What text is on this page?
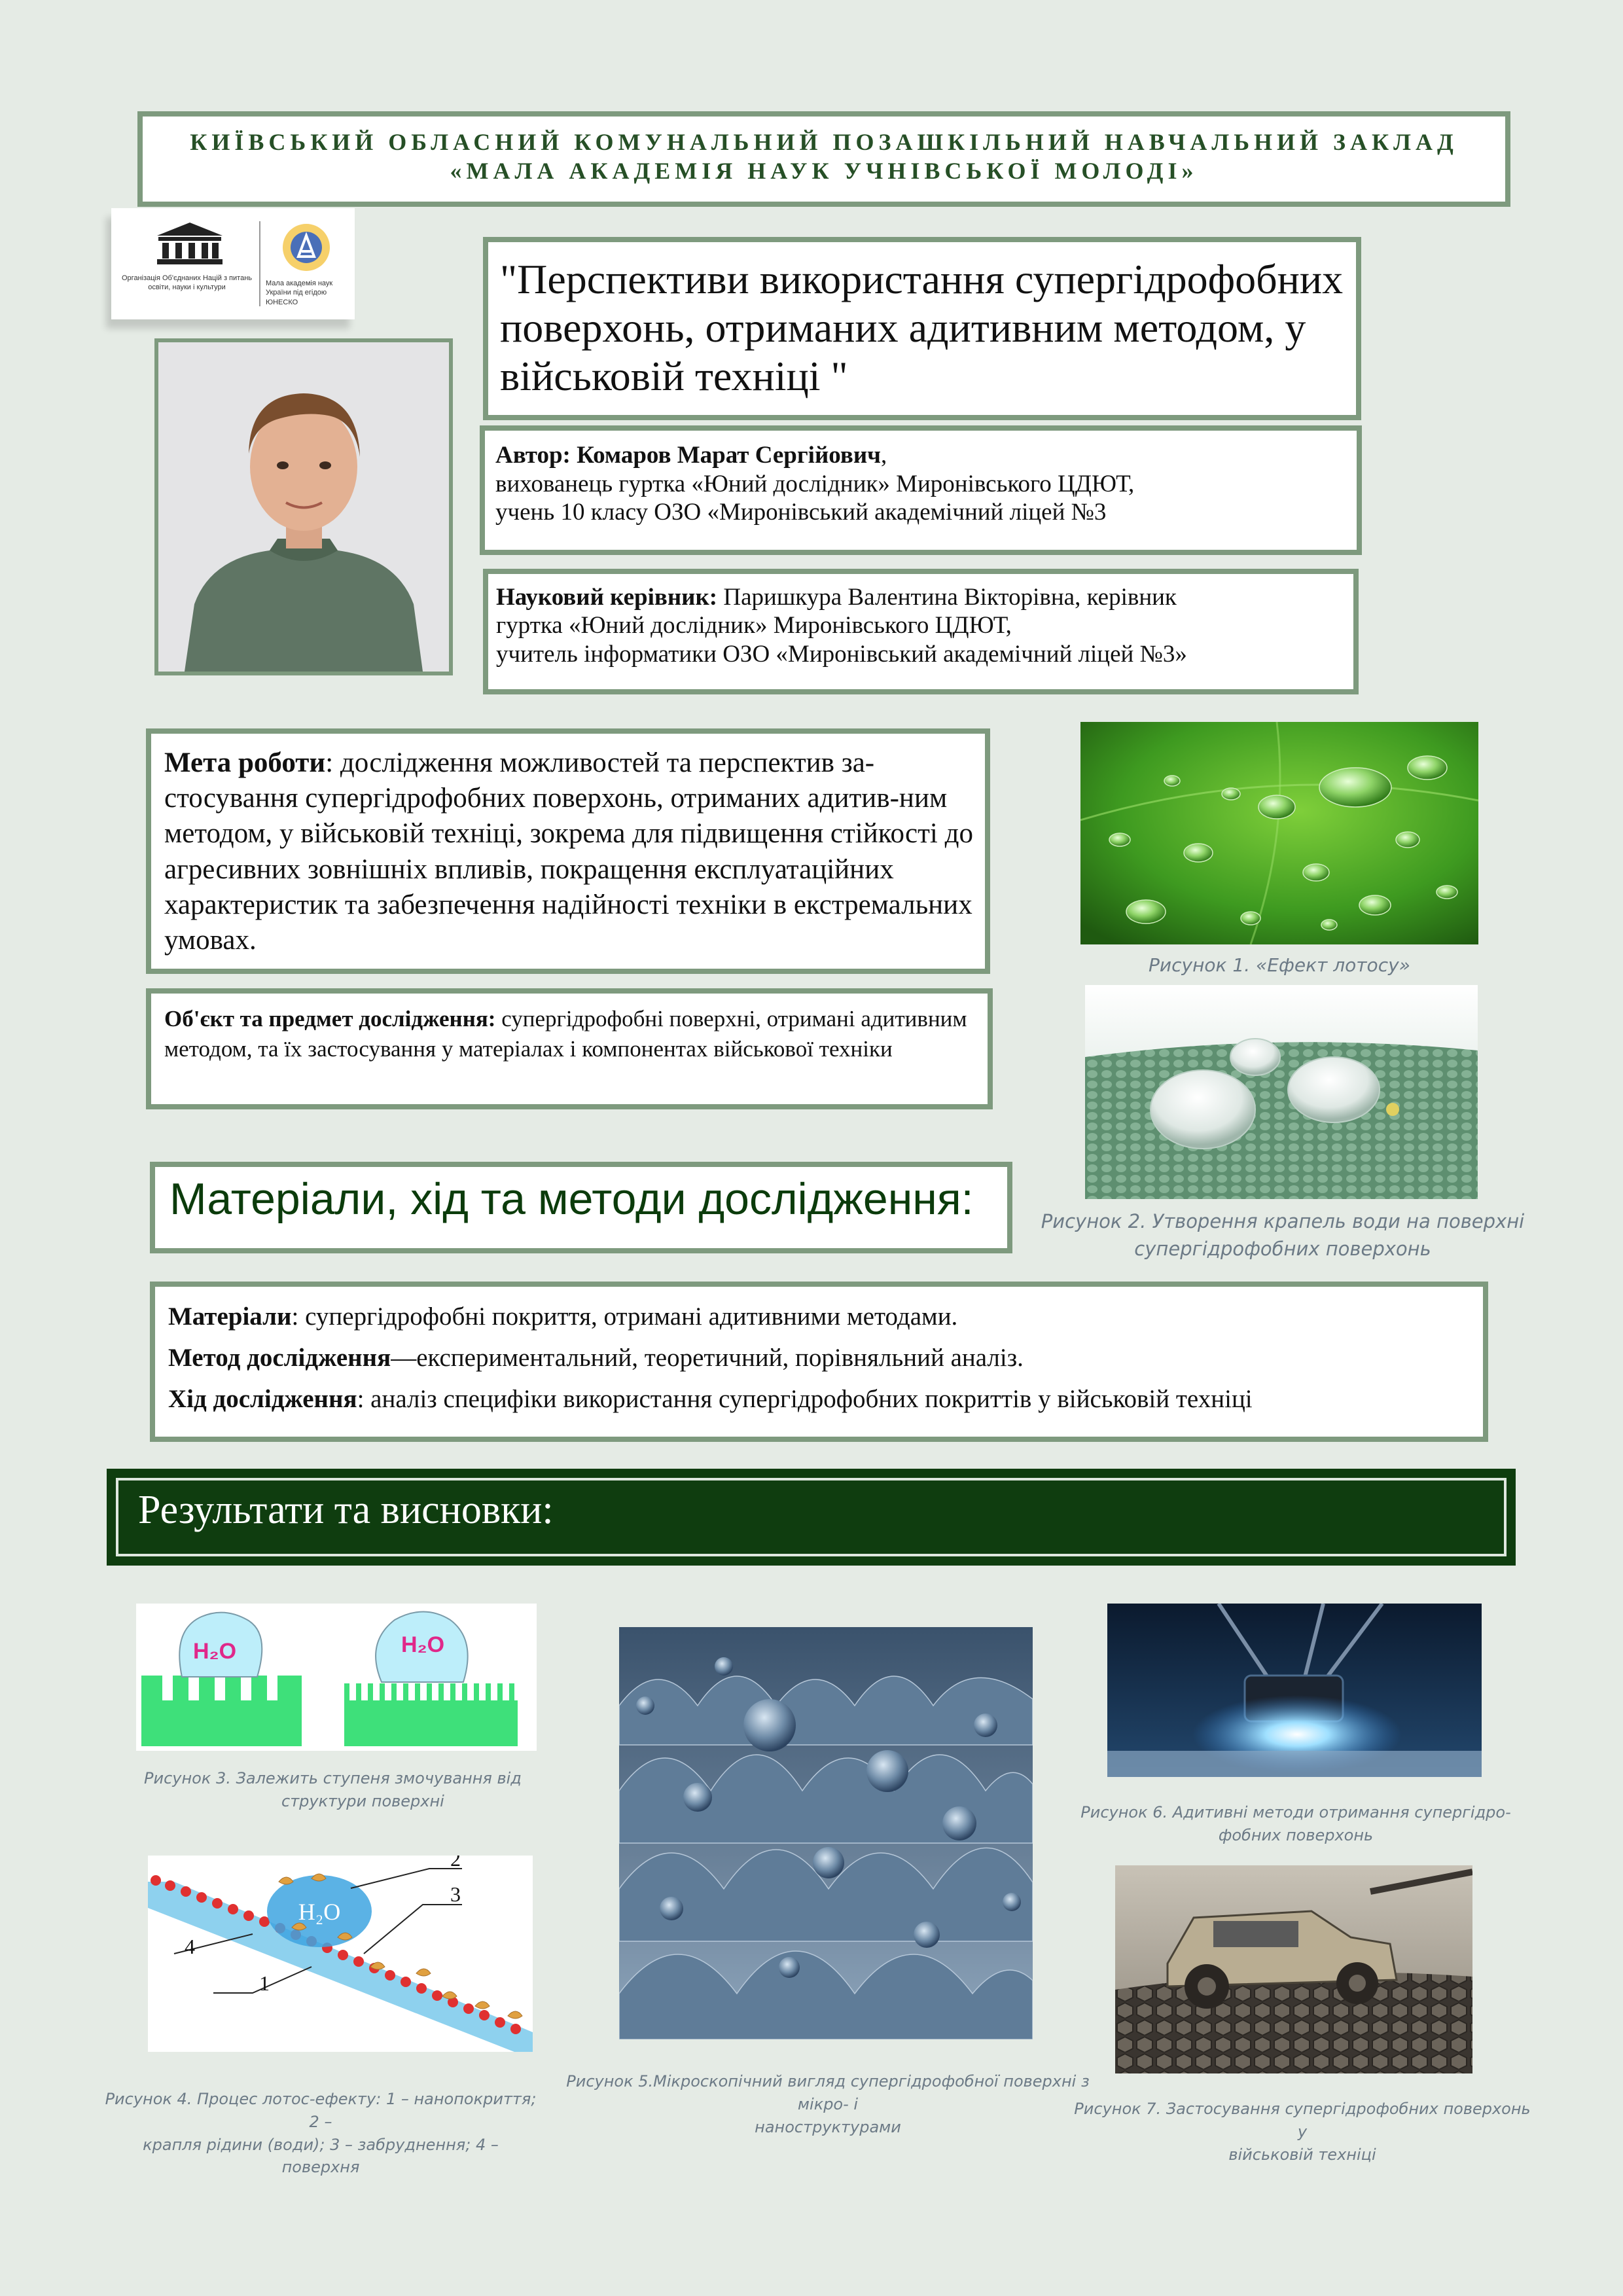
КИЇВСЬКИЙ ОБЛАСНИЙ КОМУНАЛЬНИЙ ПОЗАШКІЛЬНИЙ НАВЧАЛЬНИЙ ЗАКЛАД
«МАЛА АКАДЕМІЯ НАУК УЧНІВСЬКОЇ МОЛОДІ»
Організація Об'єднаних Націй з питань освіти, науки і культури
Мала академія наук України під егідою ЮНЕСКО	"Перспективи використання супергідрофобних поверхонь, отриманих адитивним методом, у військовій техніці "
Автор: Комаров Марат Сергійович,
вихованець гуртка «Юний дослідник» Миронівського ЦДЮТ,
учень 10 класу ОЗО «Миронівський академічний ліцей №3
Науковий керівник: Паришкура Валентина Вікторівна, керівник
гуртка «Юний дослідник» Миронівського ЦДЮТ,
учитель інформатики ОЗО «Миронівський академічний ліцей №3»
Мета роботи: дослідження можливостей та перспектив за-стосування супергідрофобних поверхонь, отриманих адитив-ним методом, у військовій техніці, зокрема для підвищення стійкості до агресивних зовнішніх впливів, покращення експлуатаційних характеристик та забезпечення надійності техніки в екстремальних умовах.
Об'єкт та предмет дослідження: супергідрофобні поверхні, отримані адитивним методом, та їх застосування у матеріалах і компонентах військової техніки
Рисунок 1. «Ефект лотосу»
Рисунок 2. Утворення крапель води на поверхні
супергідрофобних поверхонь
Матеріали, хід та методи дослідження:
Матеріали: супергідрофобні покриття, отримані адитивними методами.
Метод дослідження—експериментальний, теоретичний, порівняльний аналіз.
Хід дослідження: аналіз специфіки використання супергідрофобних покриттів у військовій техніці
Результати та висновки:
H₂O	H₂O
Рисунок 3. Залежить ступеня змочування від
структури поверхні
H₂O
2
3
4
1
Рисунок 4. Процес лотос-ефекту: 1 – нанопокриття; 2 –
крапля рідини (води); 3 – забруднення; 4 – поверхня
Рисунок 5.Мікроскопічний вигляд супергідрофобної поверхні з мікро- і
наноструктурами
Рисунок 6. Адитивні методи отримання супергідро-
фобних поверхонь
Рисунок 7. Застосування супергідрофобних поверхонь у
військовій техніці
